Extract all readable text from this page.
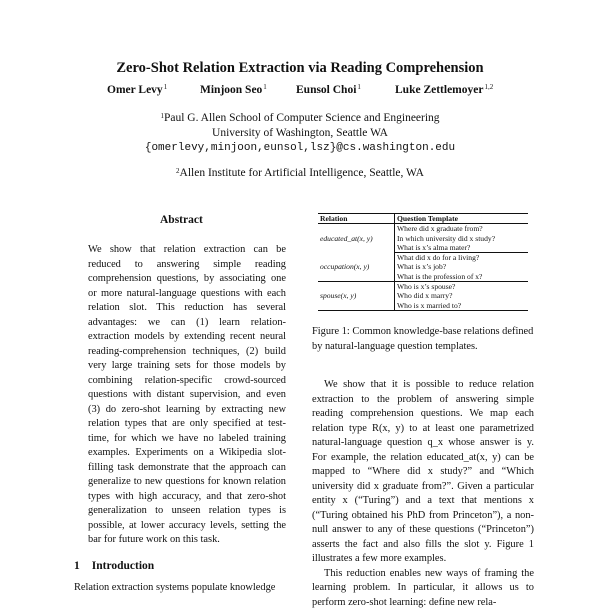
Zero-Shot Relation Extraction via Reading Comprehension
Omer Levy$^1$	Minjoon Seo$^1$	Eunsol Choi$^1$	Luke Zettlemoyer$^{1,2}$
$^1$Paul G. Allen School of Computer Science and Engineering
University of Washington, Seattle WA
{omerlevy,minjoon,eunsol,lsz}@cs.washington.edu
$^2$Allen Institute for Artificial Intelligence, Seattle, WA
Abstract

We show that relation extraction can be reduced to answering simple reading comprehension questions, by associating one or more natural-language questions with each relation slot. This reduction has several advantages: we can (1) learn relation-extraction models by extending recent neural reading-comprehension techniques, (2) build very large training sets for those models by combining relation-specific crowd-sourced questions with distant supervision, and even (3) do zero-shot learning by extracting new relation types that are only specified at test-time, for which we have no labeled training examples. Experiments on a Wikipedia slot-filling task demonstrate that the approach can generalize to new questions for known relation types with high accuracy, and that zero-shot generalization to unseen relation types is possible, at lower accuracy levels, setting the bar for future work on this task.

1 Introduction

Relation extraction systems populate knowledge

Relation	Question Template
educated_at(x, y)	Where did x graduate from?
	In which university did x study?
	What is x’s alma mater?
occupation(x, y)	What did x do for a living?
	What is x’s job?
	What is the profession of x?
spouse(x, y)	Who is x’s spouse?
	Who did x marry?
	Who is x married to?

Figure 1: Common knowledge-base relations defined by natural-language question templates.

We show that it is possible to reduce relation extraction to the problem of answering simple reading comprehension questions. We map each relation type R(x, y) to at least one parametrized natural-language question q_x whose answer is y. For example, the relation educated_at(x, y) can be mapped to “Where did x study?” and “Which university did x graduate from?”. Given a particular entity x (“Turing”) and a text that mentions x (“Turing obtained his PhD from Princeton”), a non-null answer to any of these questions (“Princeton”) asserts the fact and also fills the slot y. Figure 1 illustrates a few more examples.

This reduction enables new ways of framing the learning problem. In particular, it allows us to perform zero-shot learning: define new rela-
